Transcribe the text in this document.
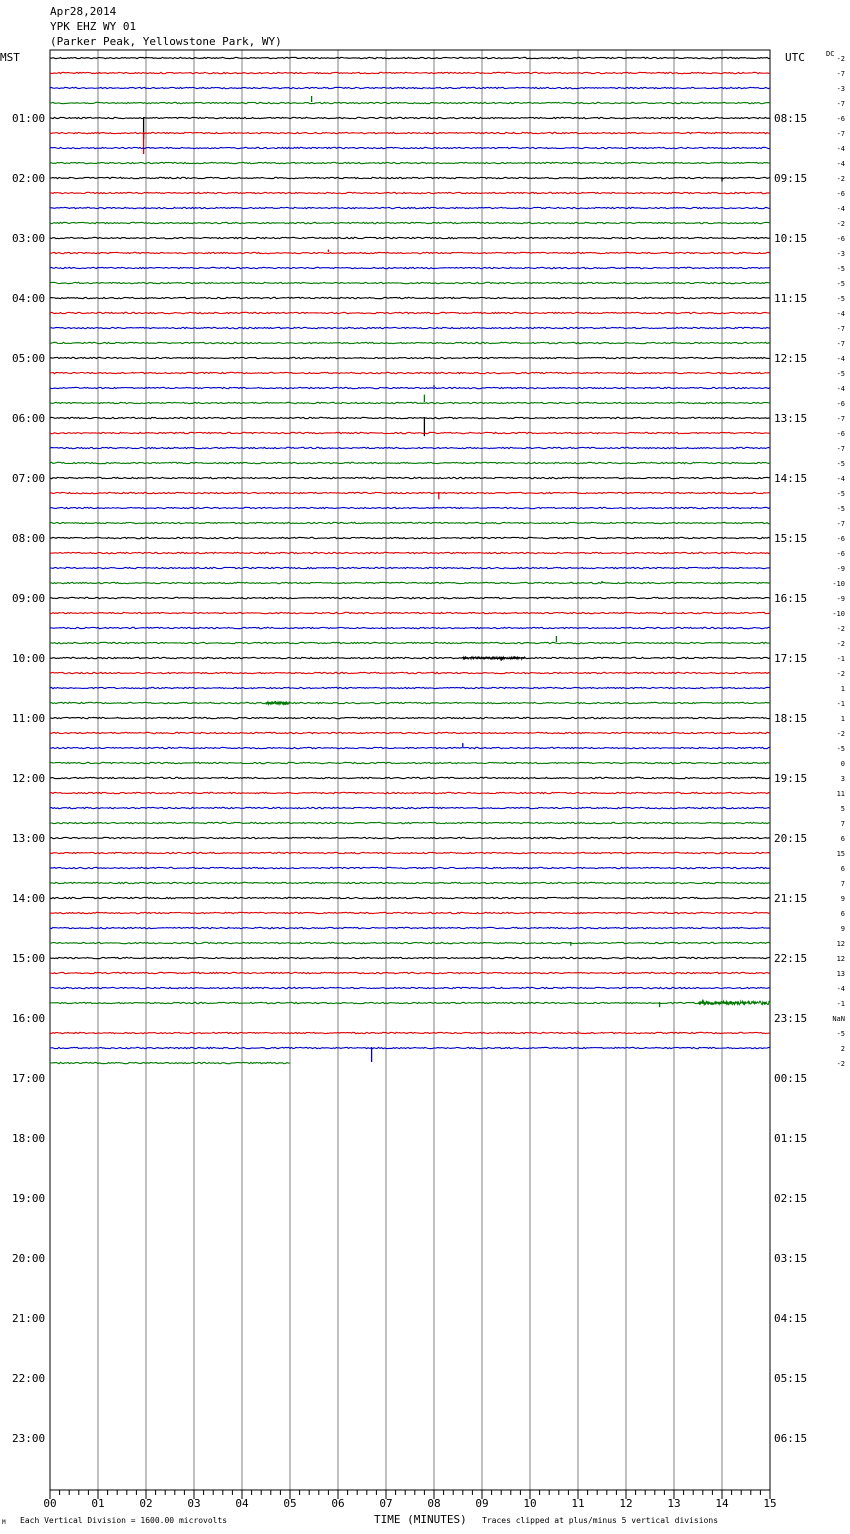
00	01	02	03	04	05	06	07	08	09	10	11	12	13	14	15
01:00
02:00
03:00
04:00
05:00
06:00
07:00
08:00
09:00
10:00
11:00
12:00
13:00
14:00
15:00
16:00
17:00
18:00
19:00
20:00
21:00
22:00
23:00
08:15
09:15
10:15
11:15
12:15
13:15
14:15
15:15
16:15
17:15
18:15
19:15
20:15
21:15
22:15
23:15
00:15
01:15
02:15
03:15
04:15
05:15
06:15
-2
-7
-3
-7
-6
-7
-4
-4
-2
-6
-4
-2
-6
-3
-5
-5
-5
-4
-7
-7
-4
-5
-4
-6
-7
-6
-7
-5
-4
-5
-5
-7
-6
-6
-9
-10
-9
-10
-2
-2
-1
-2
1
-1
1
-2
-5
0
3
11
5
7
6
15
6
7
9
6
9
12
12
13
-4
-1
NaN
-5
2
-2
Apr28,2014
YPK EHZ WY 01
(Parker Peak, Yellowstone Park, WY)
MST	UTC	DC
M Each Vertical Division = 1600.00 microvolts	TIME (MINUTES) Traces clipped at plus/minus 5 vertical divisions
